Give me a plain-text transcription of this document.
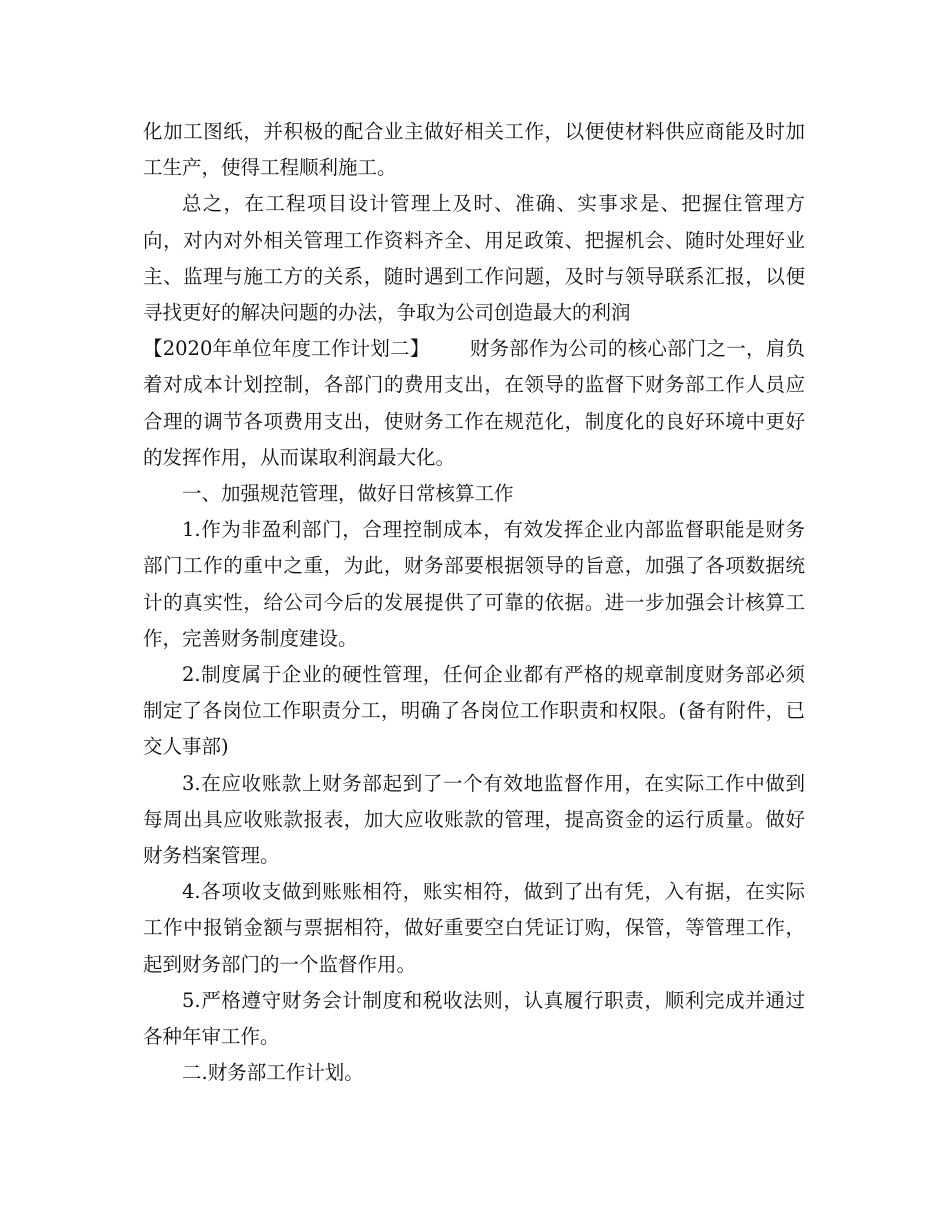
化加工图纸，并积极的配合业主做好相关工作，以便使材料供应商能及时加工生产，使得工程顺利施工。

总之，在工程项目设计管理上及时、准确、实事求是、把握住管理方向，对内对外相关管理工作资料齐全、用足政策、把握机会、随时处理好业主、监理与施工方的关系，随时遇到工作问题，及时与领导联系汇报，以便寻找更好的解决问题的办法，争取为公司创造最大的利润

【2020年单位年度工作计划二】 财务部作为公司的核心部门之一，肩负着对成本计划控制，各部门的费用支出，在领导的监督下财务部工作人员应合理的调节各项费用支出，使财务工作在规范化，制度化的良好环境中更好的发挥作用，从而谋取利润最大化。

一、加强规范管理，做好日常核算工作

1.作为非盈利部门，合理控制成本，有效发挥企业内部监督职能是财务部门工作的重中之重，为此，财务部要根据领导的旨意，加强了各项数据统计的真实性，给公司今后的发展提供了可靠的依据。进一步加强会计核算工作，完善财务制度建设。

2.制度属于企业的硬性管理，任何企业都有严格的规章制度财务部必须制定了各岗位工作职责分工，明确了各岗位工作职责和权限。(备有附件，已交人事部)

3.在应收账款上财务部起到了一个有效地监督作用，在实际工作中做到每周出具应收账款报表，加大应收账款的管理，提高资金的运行质量。做好财务档案管理。

4.各项收支做到账账相符，账实相符，做到了出有凭，入有据，在实际工作中报销金额与票据相符，做好重要空白凭证订购，保管，等管理工作，起到财务部门的一个监督作用。

5.严格遵守财务会计制度和税收法则，认真履行职责，顺利完成并通过各种年审工作。

二.财务部工作计划。
